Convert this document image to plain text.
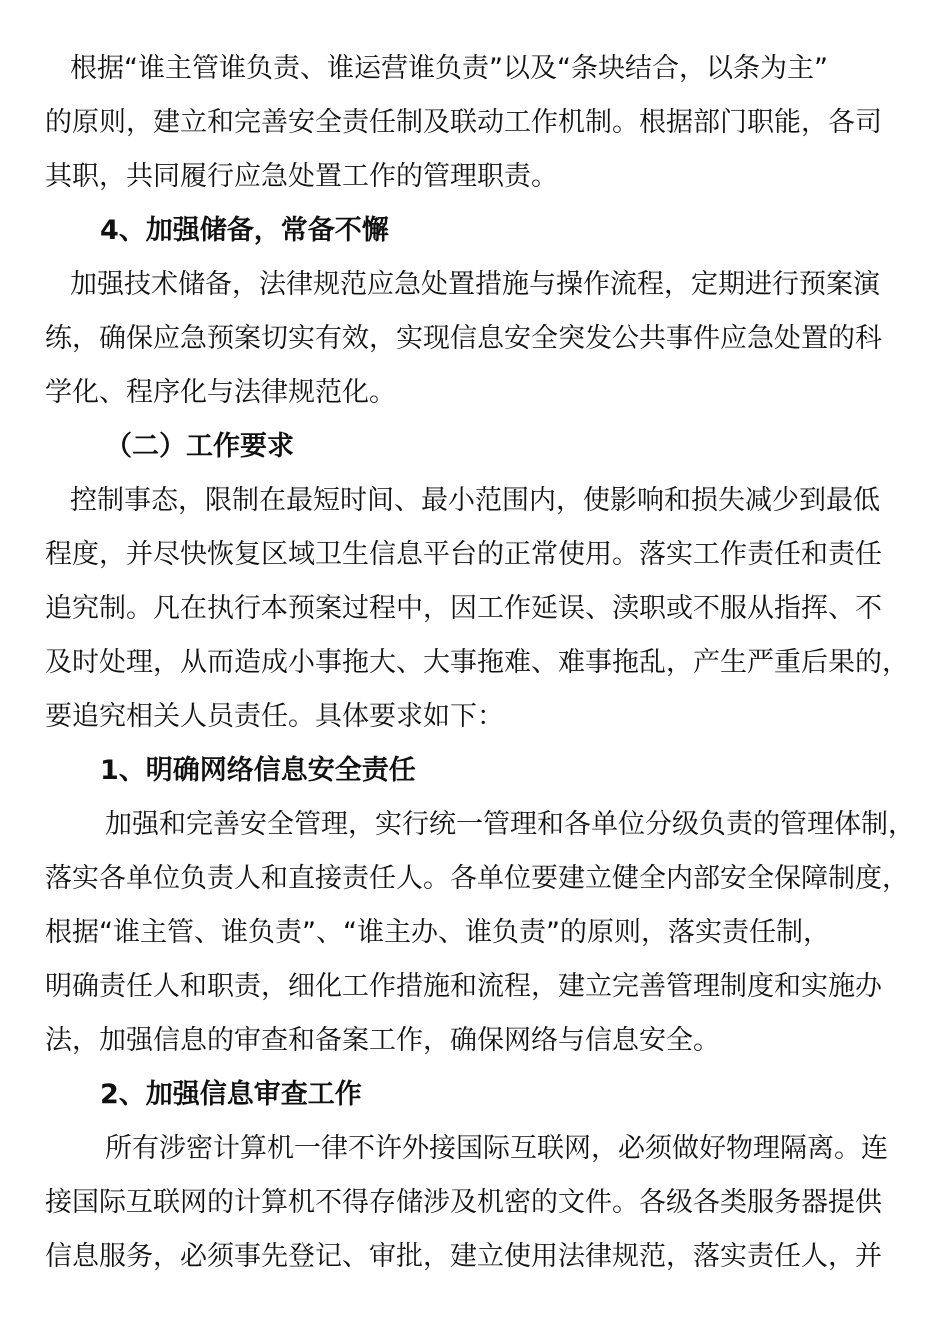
根据“谁主管谁负责、谁运营谁负责”以及“条块结合，以条为主”
的原则，建立和完善安全责任制及联动工作机制。根据部门职能，各司
其职，共同履行应急处置工作的管理职责。
4、加强储备，常备不懈
加强技术储备，法律规范应急处置措施与操作流程，定期进行预案演
练，确保应急预案切实有效，实现信息安全突发公共事件应急处置的科
学化、程序化与法律规范化。
（二）工作要求
控制事态，限制在最短时间、最小范围内，使影响和损失减少到最低
程度，并尽快恢复区域卫生信息平台的正常使用。落实工作责任和责任
追究制。凡在执行本预案过程中，因工作延误、渎职或不服从指挥、不
及时处理，从而造成小事拖大、大事拖难、难事拖乱，产生严重后果的，
要追究相关人员责任。具体要求如下：
1、明确网络信息安全责任
加强和完善安全管理，实行统一管理和各单位分级负责的管理体制，
落实各单位负责人和直接责任人。各单位要建立健全内部安全保障制度，
根据“谁主管、谁负责”、“谁主办、谁负责”的原则，落实责任制，
明确责任人和职责，细化工作措施和流程，建立完善管理制度和实施办
法，加强信息的审查和备案工作，确保网络与信息安全。
2、加强信息审查工作
所有涉密计算机一律不许外接国际互联网，必须做好物理隔离。连
接国际互联网的计算机不得存储涉及机密的文件。各级各类服务器提供
信息服务，必须事先登记、审批，建立使用法律规范，落实责任人，并
